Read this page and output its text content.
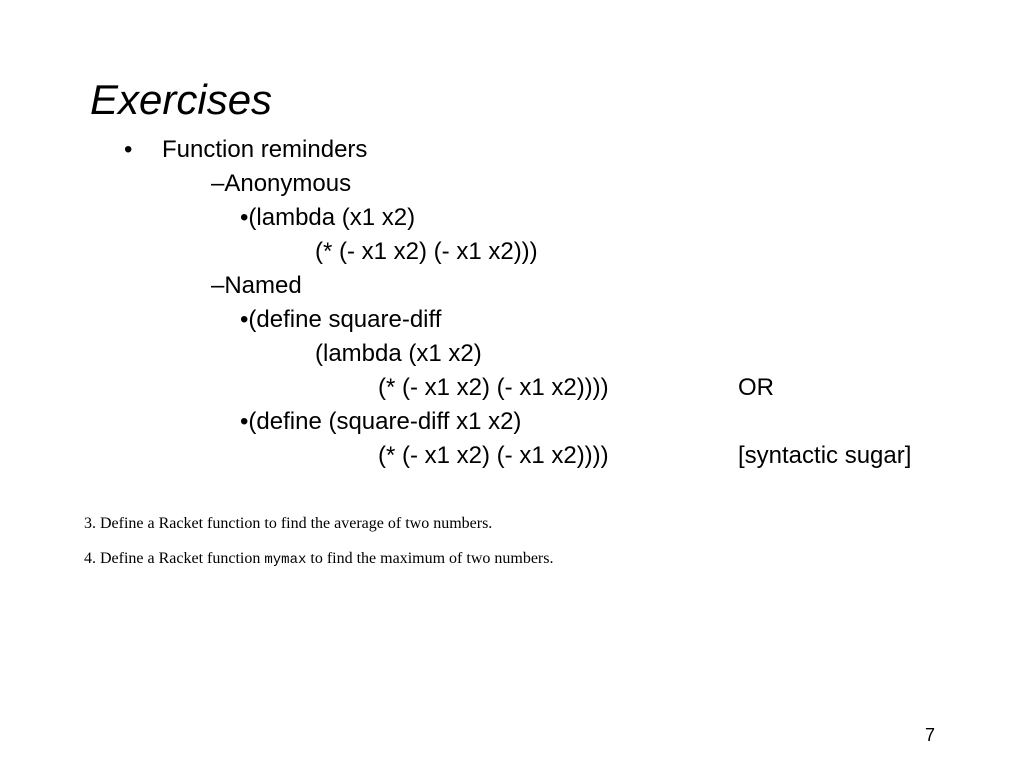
Exercises
• Function reminders
–Anonymous
•(lambda (x1 x2)
(* (- x1 x2) (- x1 x2)))
–Named
•(define square-diff
(lambda (x1 x2)
(* (- x1 x2) (- x1 x2))))	OR
•(define (square-diff x1 x2)
(* (- x1 x2) (- x1 x2))))	[syntactic sugar]
3. Define a Racket function to find the average of two numbers.
4. Define a Racket function mymax to find the maximum of two numbers.
7
